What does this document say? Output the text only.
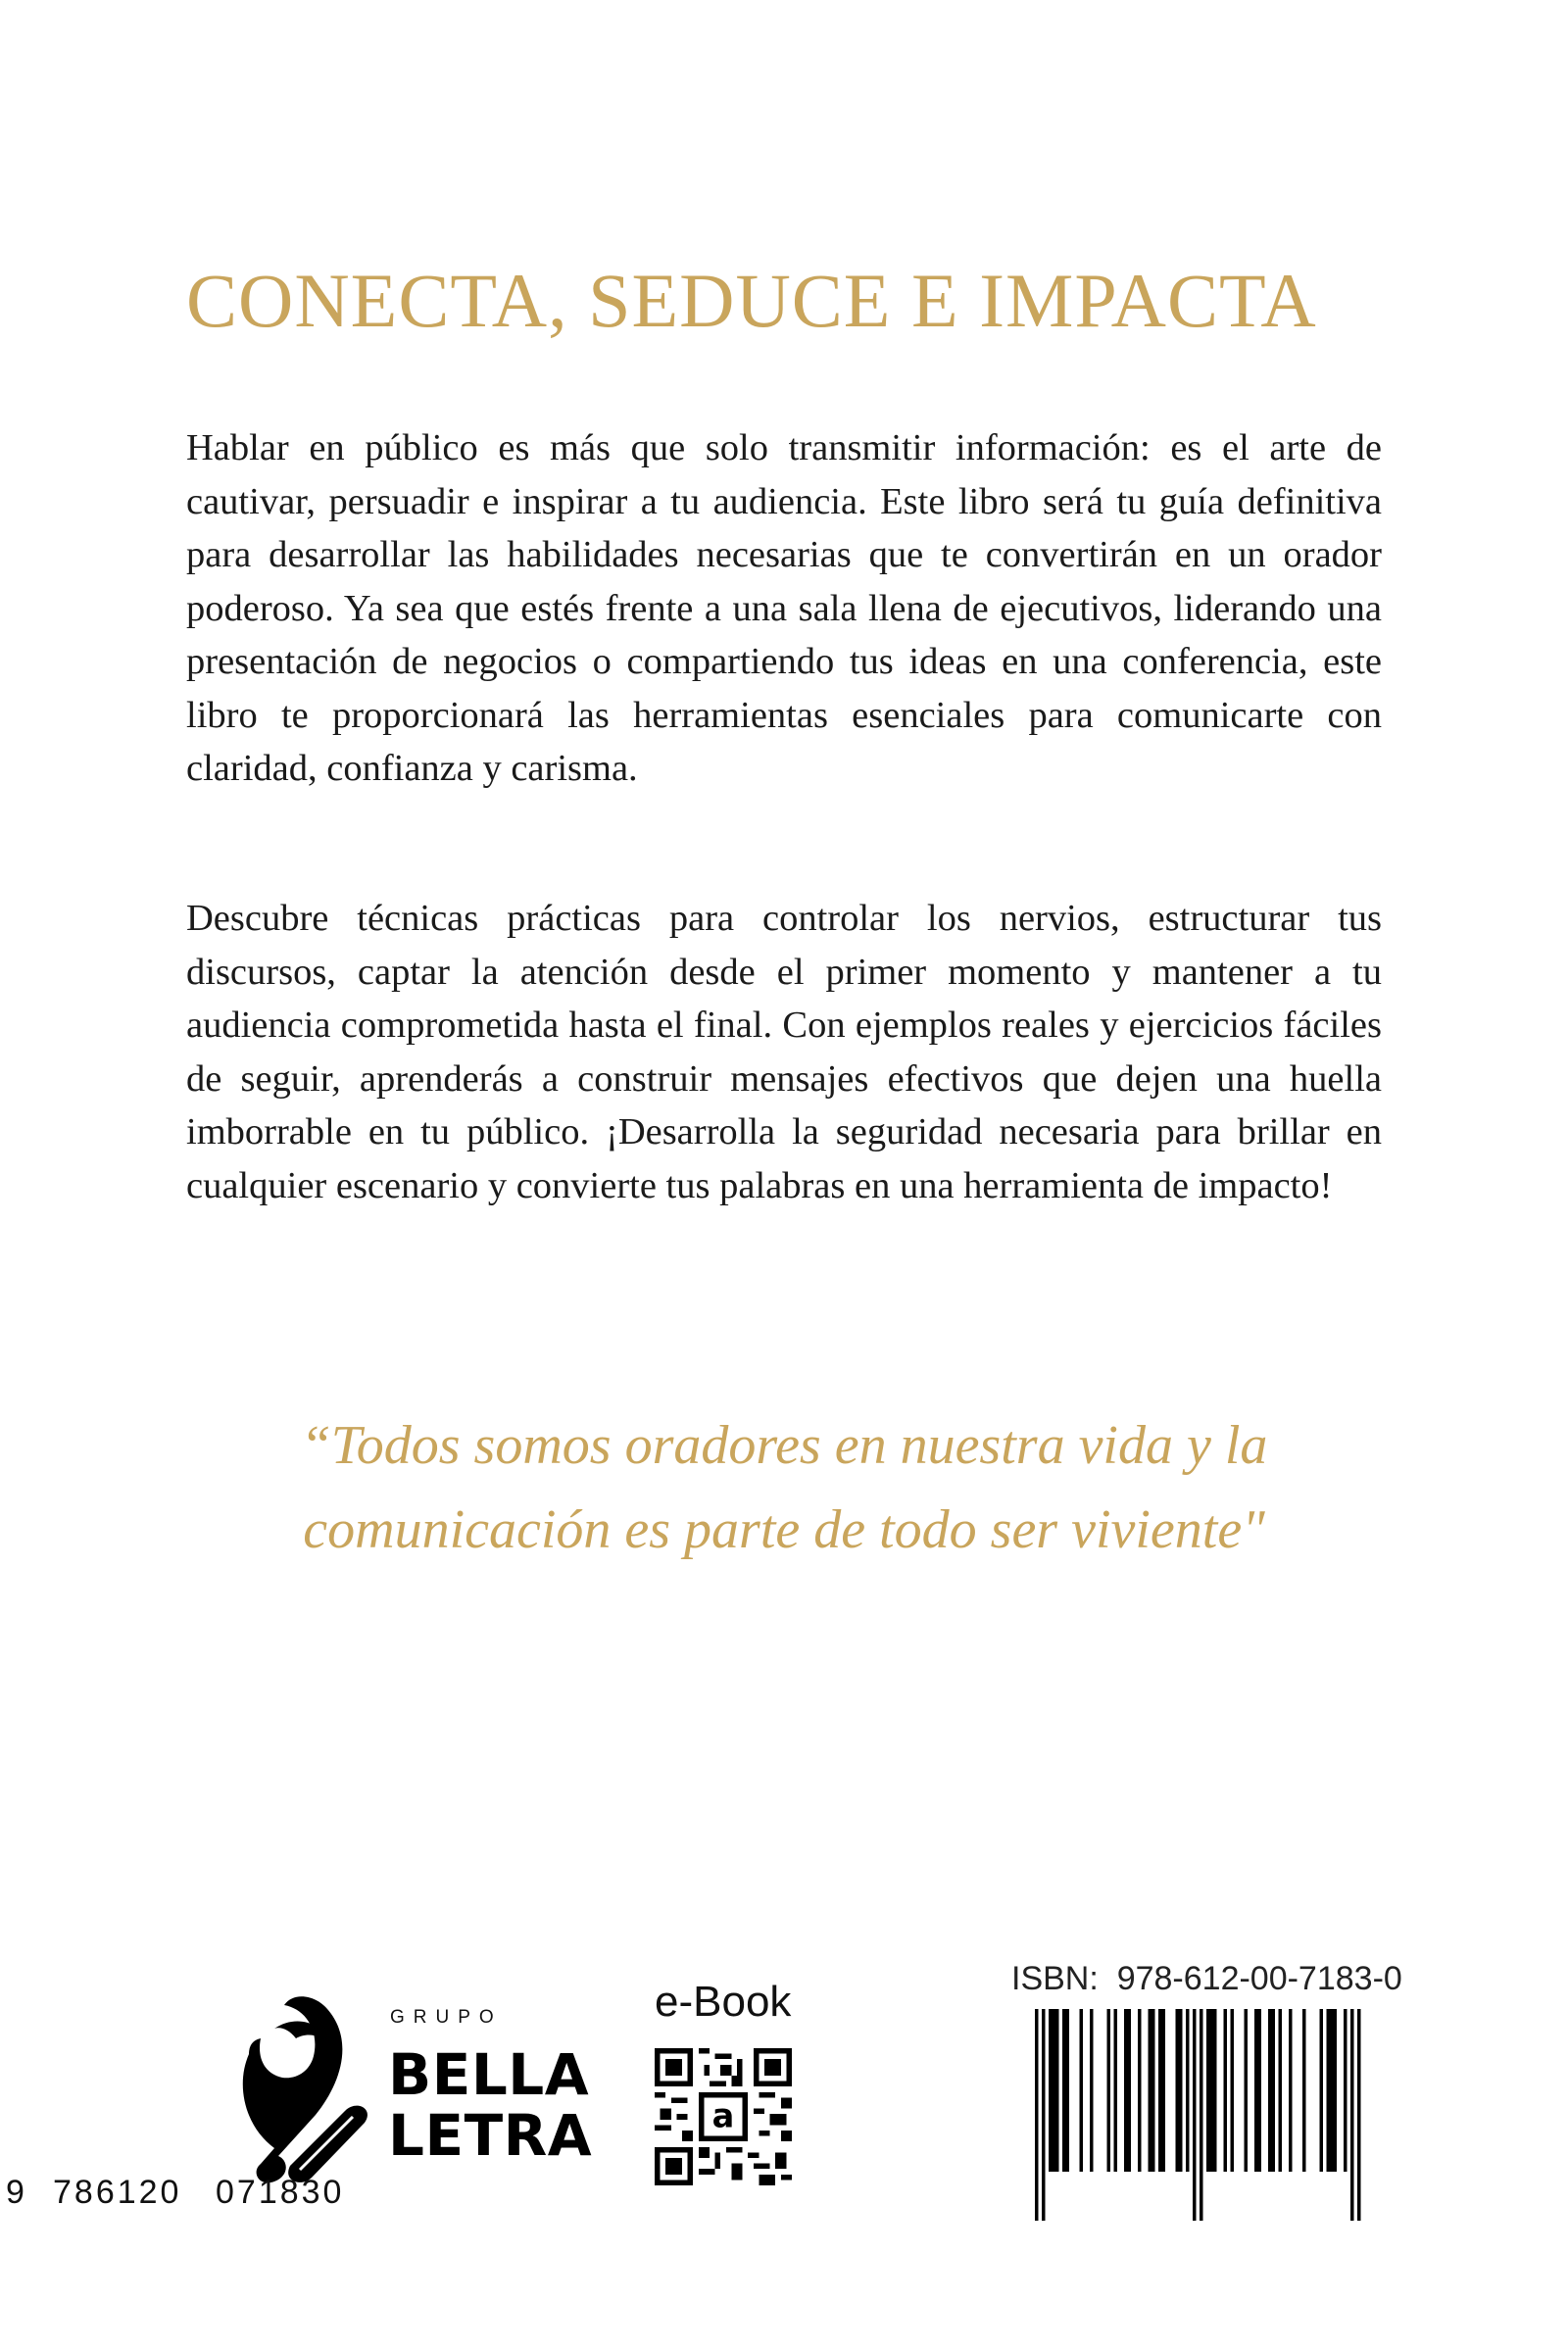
CONECTA, SEDUCE E IMPACTA

Hablar en público es más que solo transmitir información: es el arte de cautivar, persuadir e inspirar a tu audiencia. Este libro será tu guía definitiva para desarrollar las habilidades necesarias que te convertirán en un orador poderoso. Ya sea que estés frente a una sala llena de ejecutivos, liderando una presentación de negocios o compartiendo tus ideas en una conferencia, este libro te proporcionará las herramientas esenciales para comunicarte con claridad, confianza y carisma.

Descubre técnicas prácticas para controlar los nervios, estructurar tus discursos, captar la atención desde el primer momento y mantener a tu audiencia comprometida hasta el final. Con ejemplos reales y ejercicios fáciles de seguir, aprenderás a construir mensajes efectivos que dejen una huella imborrable en tu público. ¡Desarrolla la seguridad necesaria para brillar en cualquier escenario y convierte tus palabras en una herramienta de impacto!

“Todos somos oradores en nuestra vida y la comunicación es parte de todo ser viviente"

GRUPO

BELLA

LETRA

e-Book

a

ISBN:  978-612-00-7183-0

9 786120 071830
